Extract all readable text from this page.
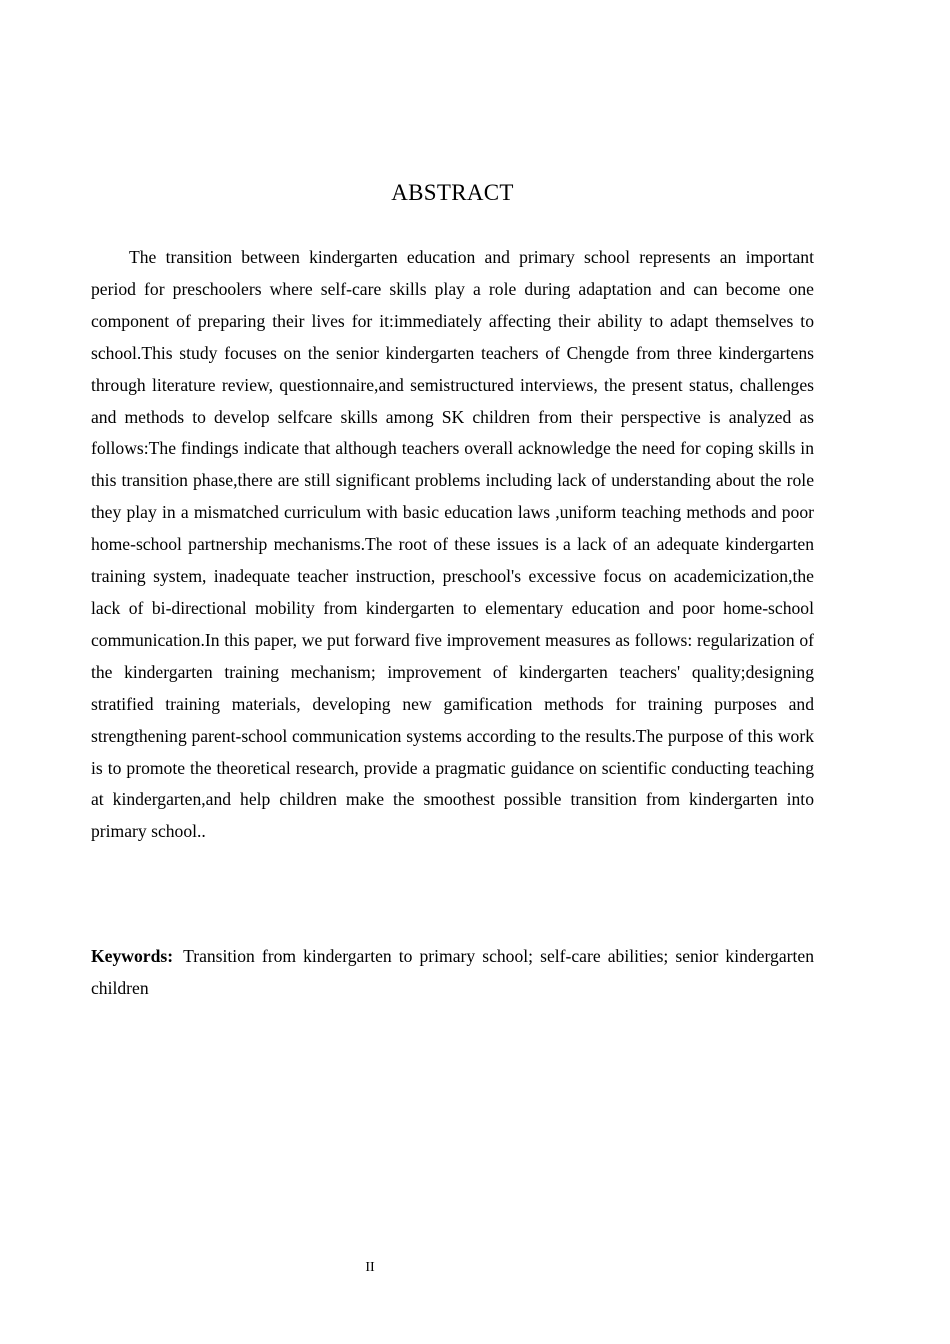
ABSTRACT

The transition between kindergarten education and primary school represents an important period for preschoolers where self-care skills play a role during adaptation and can become one component of preparing their lives for it:immediately affecting their ability to adapt themselves to school.This study focuses on the senior kindergarten teachers of Chengde from three kindergartens through literature review, questionnaire,and semistructured interviews, the present status, challenges and methods to develop selfcare skills among SK children from their perspective is analyzed as follows:The findings indicate that although teachers overall acknowledge the need for coping skills in this transition phase,there are still significant problems including lack of understanding about the role they play in a mismatched curriculum with basic education laws ,uniform teaching methods and poor home-school partnership mechanisms.The root of these issues is a lack of an adequate kindergarten training system, inadequate teacher instruction, preschool's excessive focus on academicization,the lack of bi-directional mobility from kindergarten to elementary education and poor home-school communication.In this paper, we put forward five improvement measures as follows: regularization of the kindergarten training mechanism; improvement of kindergarten teachers' quality;designing stratified training materials, developing new gamification methods for training purposes and strengthening parent-school communication systems according to the results.The purpose of this work is to promote the theoretical research, provide a pragmatic guidance on scientific conducting teaching at kindergarten,and help children make the smoothest possible transition from kindergarten into primary school..

Keywords: Transition from kindergarten to primary school; self-care abilities; senior kindergarten children

II
